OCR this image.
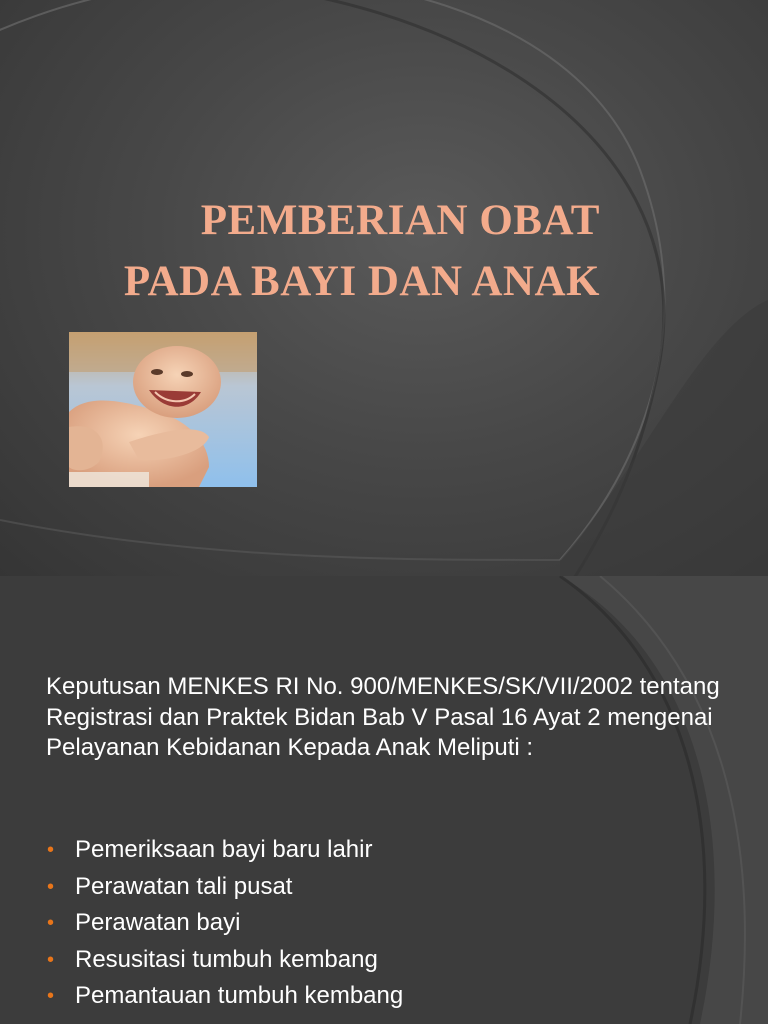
PEMBERIAN OBAT
PADA BAYI DAN ANAK

Keputusan MENKES RI No. 900/MENKES/SK/VII/2002 tentang Registrasi dan Praktek Bidan Bab V Pasal 16 Ayat 2 mengenai Pelayanan Kebidanan Kepada Anak Meliputi :

• Pemeriksaan bayi baru lahir
• Perawatan tali pusat
• Perawatan bayi
• Resusitasi tumbuh kembang
• Pemantauan tumbuh kembang
